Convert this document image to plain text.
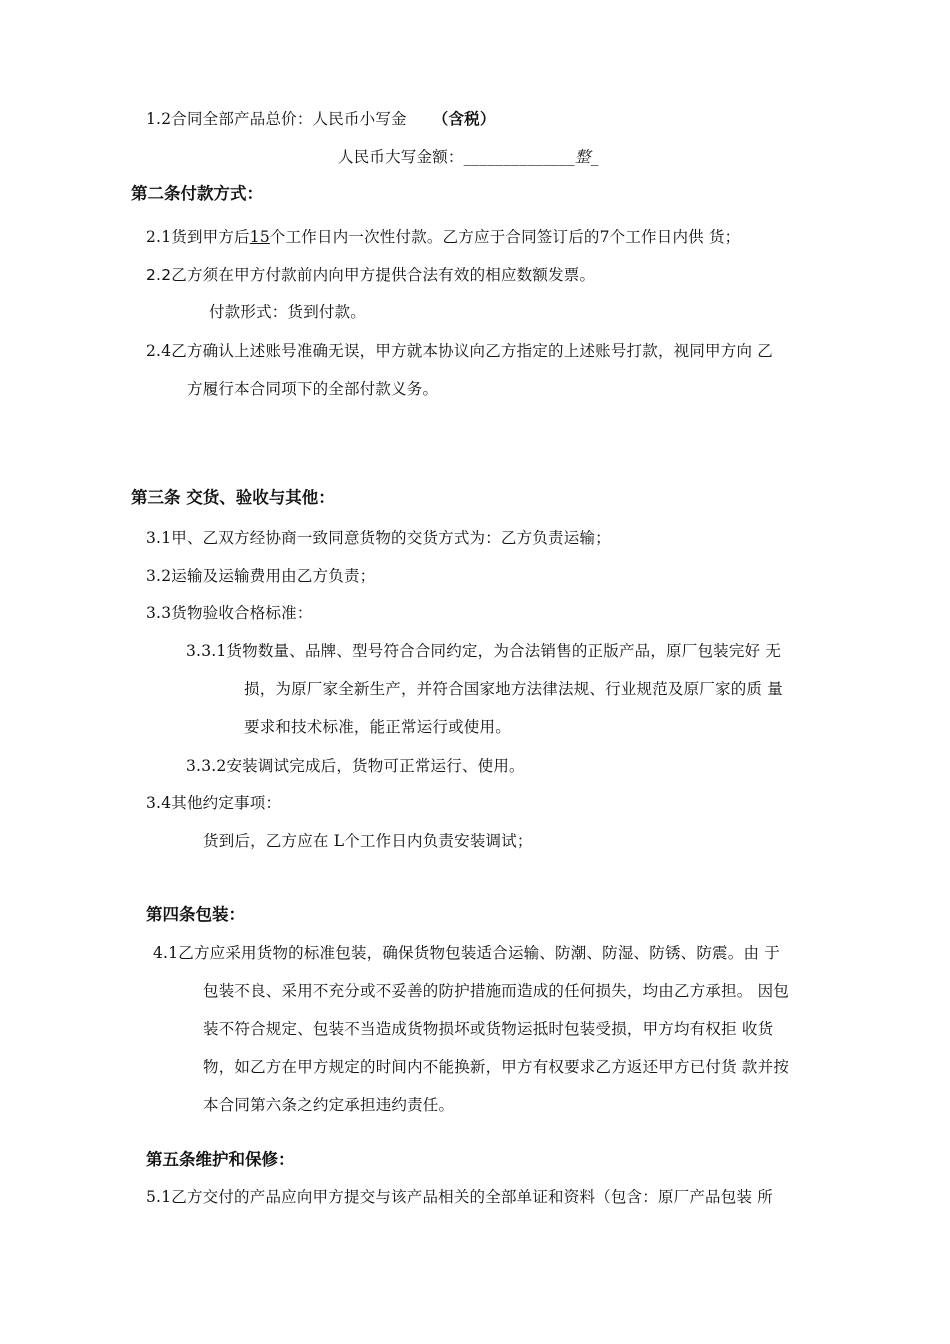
1.2合同全部产品总价：人民币小写金 （含税）
人民币大写金额：______________整_
第二条付款方式：
2.1货到甲方后15个工作日内一次性付款。乙方应于合同签订后的7个工作日内供 货；
2.2乙方须在甲方付款前内向甲方提供合法有效的相应数额发票。
付款形式：货到付款。
2.4乙方确认上述账号准确无误，甲方就本协议向乙方指定的上述账号打款，视同甲方向 乙
方履行本合同项下的全部付款义务。
第三条 交货、验收与其他：
3.1甲、乙双方经协商一致同意货物的交货方式为：乙方负责运输；
3.2运输及运输费用由乙方负责；
3.3货物验收合格标准：
3.3.1货物数量、品牌、型号符合合同约定，为合法销售的正版产品，原厂包装完好 无
损，为原厂家全新生产，并符合国家地方法律法规、行业规范及原厂家的质 量
要求和技术标准，能正常运行或使用。
3.3.2安装调试完成后，货物可正常运行、使用。
3.4其他约定事项：
货到后，乙方应在 L个工作日内负责安装调试；
第四条包装：
4.1乙方应采用货物的标准包装，确保货物包装适合运输、防潮、防湿、防锈、防震。由 于
包装不良、采用不充分或不妥善的防护措施而造成的任何损失，均由乙方承担。 因包
装不符合规定、包装不当造成货物损坏或货物运抵时包装受损，甲方均有权拒 收货
物，如乙方在甲方规定的时间内不能换新，甲方有权要求乙方返还甲方已付货 款并按
本合同第六条之约定承担违约责任。
第五条维护和保修：
5.1乙方交付的产品应向甲方提交与该产品相关的全部单证和资料（包含：原厂产品包装 所
